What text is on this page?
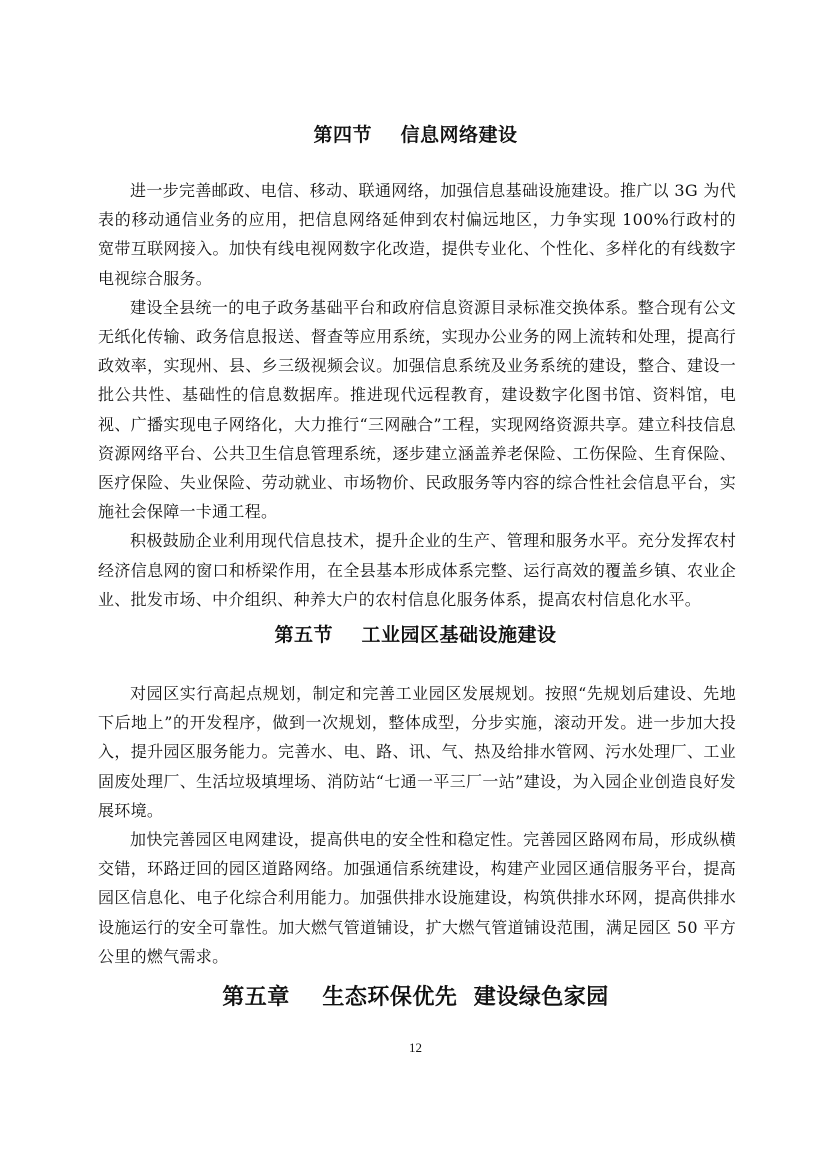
第四节    信息网络建设

进一步完善邮政、电信、移动、联通网络，加强信息基础设施建设。推广以 3G 为代表的移动通信业务的应用，把信息网络延伸到农村偏远地区，力争实现 100%行政村的宽带互联网接入。加快有线电视网数字化改造，提供专业化、个性化、多样化的有线数字电视综合服务。

建设全县统一的电子政务基础平台和政府信息资源目录标准交换体系。整合现有公文无纸化传输、政务信息报送、督查等应用系统，实现办公业务的网上流转和处理，提高行政效率，实现州、县、乡三级视频会议。加强信息系统及业务系统的建设，整合、建设一批公共性、基础性的信息数据库。推进现代远程教育，建设数字化图书馆、资料馆，电视、广播实现电子网络化，大力推行“三网融合”工程，实现网络资源共享。建立科技信息资源网络平台、公共卫生信息管理系统，逐步建立涵盖养老保险、工伤保险、生育保险、医疗保险、失业保险、劳动就业、市场物价、民政服务等内容的综合性社会信息平台，实施社会保障一卡通工程。

积极鼓励企业利用现代信息技术，提升企业的生产、管理和服务水平。充分发挥农村经济信息网的窗口和桥梁作用，在全县基本形成体系完整、运行高效的覆盖乡镇、农业企业、批发市场、中介组织、种养大户的农村信息化服务体系，提高农村信息化水平。

第五节    工业园区基础设施建设

对园区实行高起点规划，制定和完善工业园区发展规划。按照“先规划后建设、先地下后地上”的开发程序，做到一次规划，整体成型，分步实施，滚动开发。进一步加大投入，提升园区服务能力。完善水、电、路、讯、气、热及给排水管网、污水处理厂、工业固废处理厂、生活垃圾填埋场、消防站“七通一平三厂一站”建设，为入园企业创造良好发展环境。

加快完善园区电网建设，提高供电的安全性和稳定性。完善园区路网布局，形成纵横交错，环路迂回的园区道路网络。加强通信系统建设，构建产业园区通信服务平台，提高园区信息化、电子化综合利用能力。加强供排水设施建设，构筑供排水环网，提高供排水设施运行的安全可靠性。加大燃气管道铺设，扩大燃气管道铺设范围，满足园区 50 平方公里的燃气需求。

第五章    生态环保优先  建设绿色家园
12
